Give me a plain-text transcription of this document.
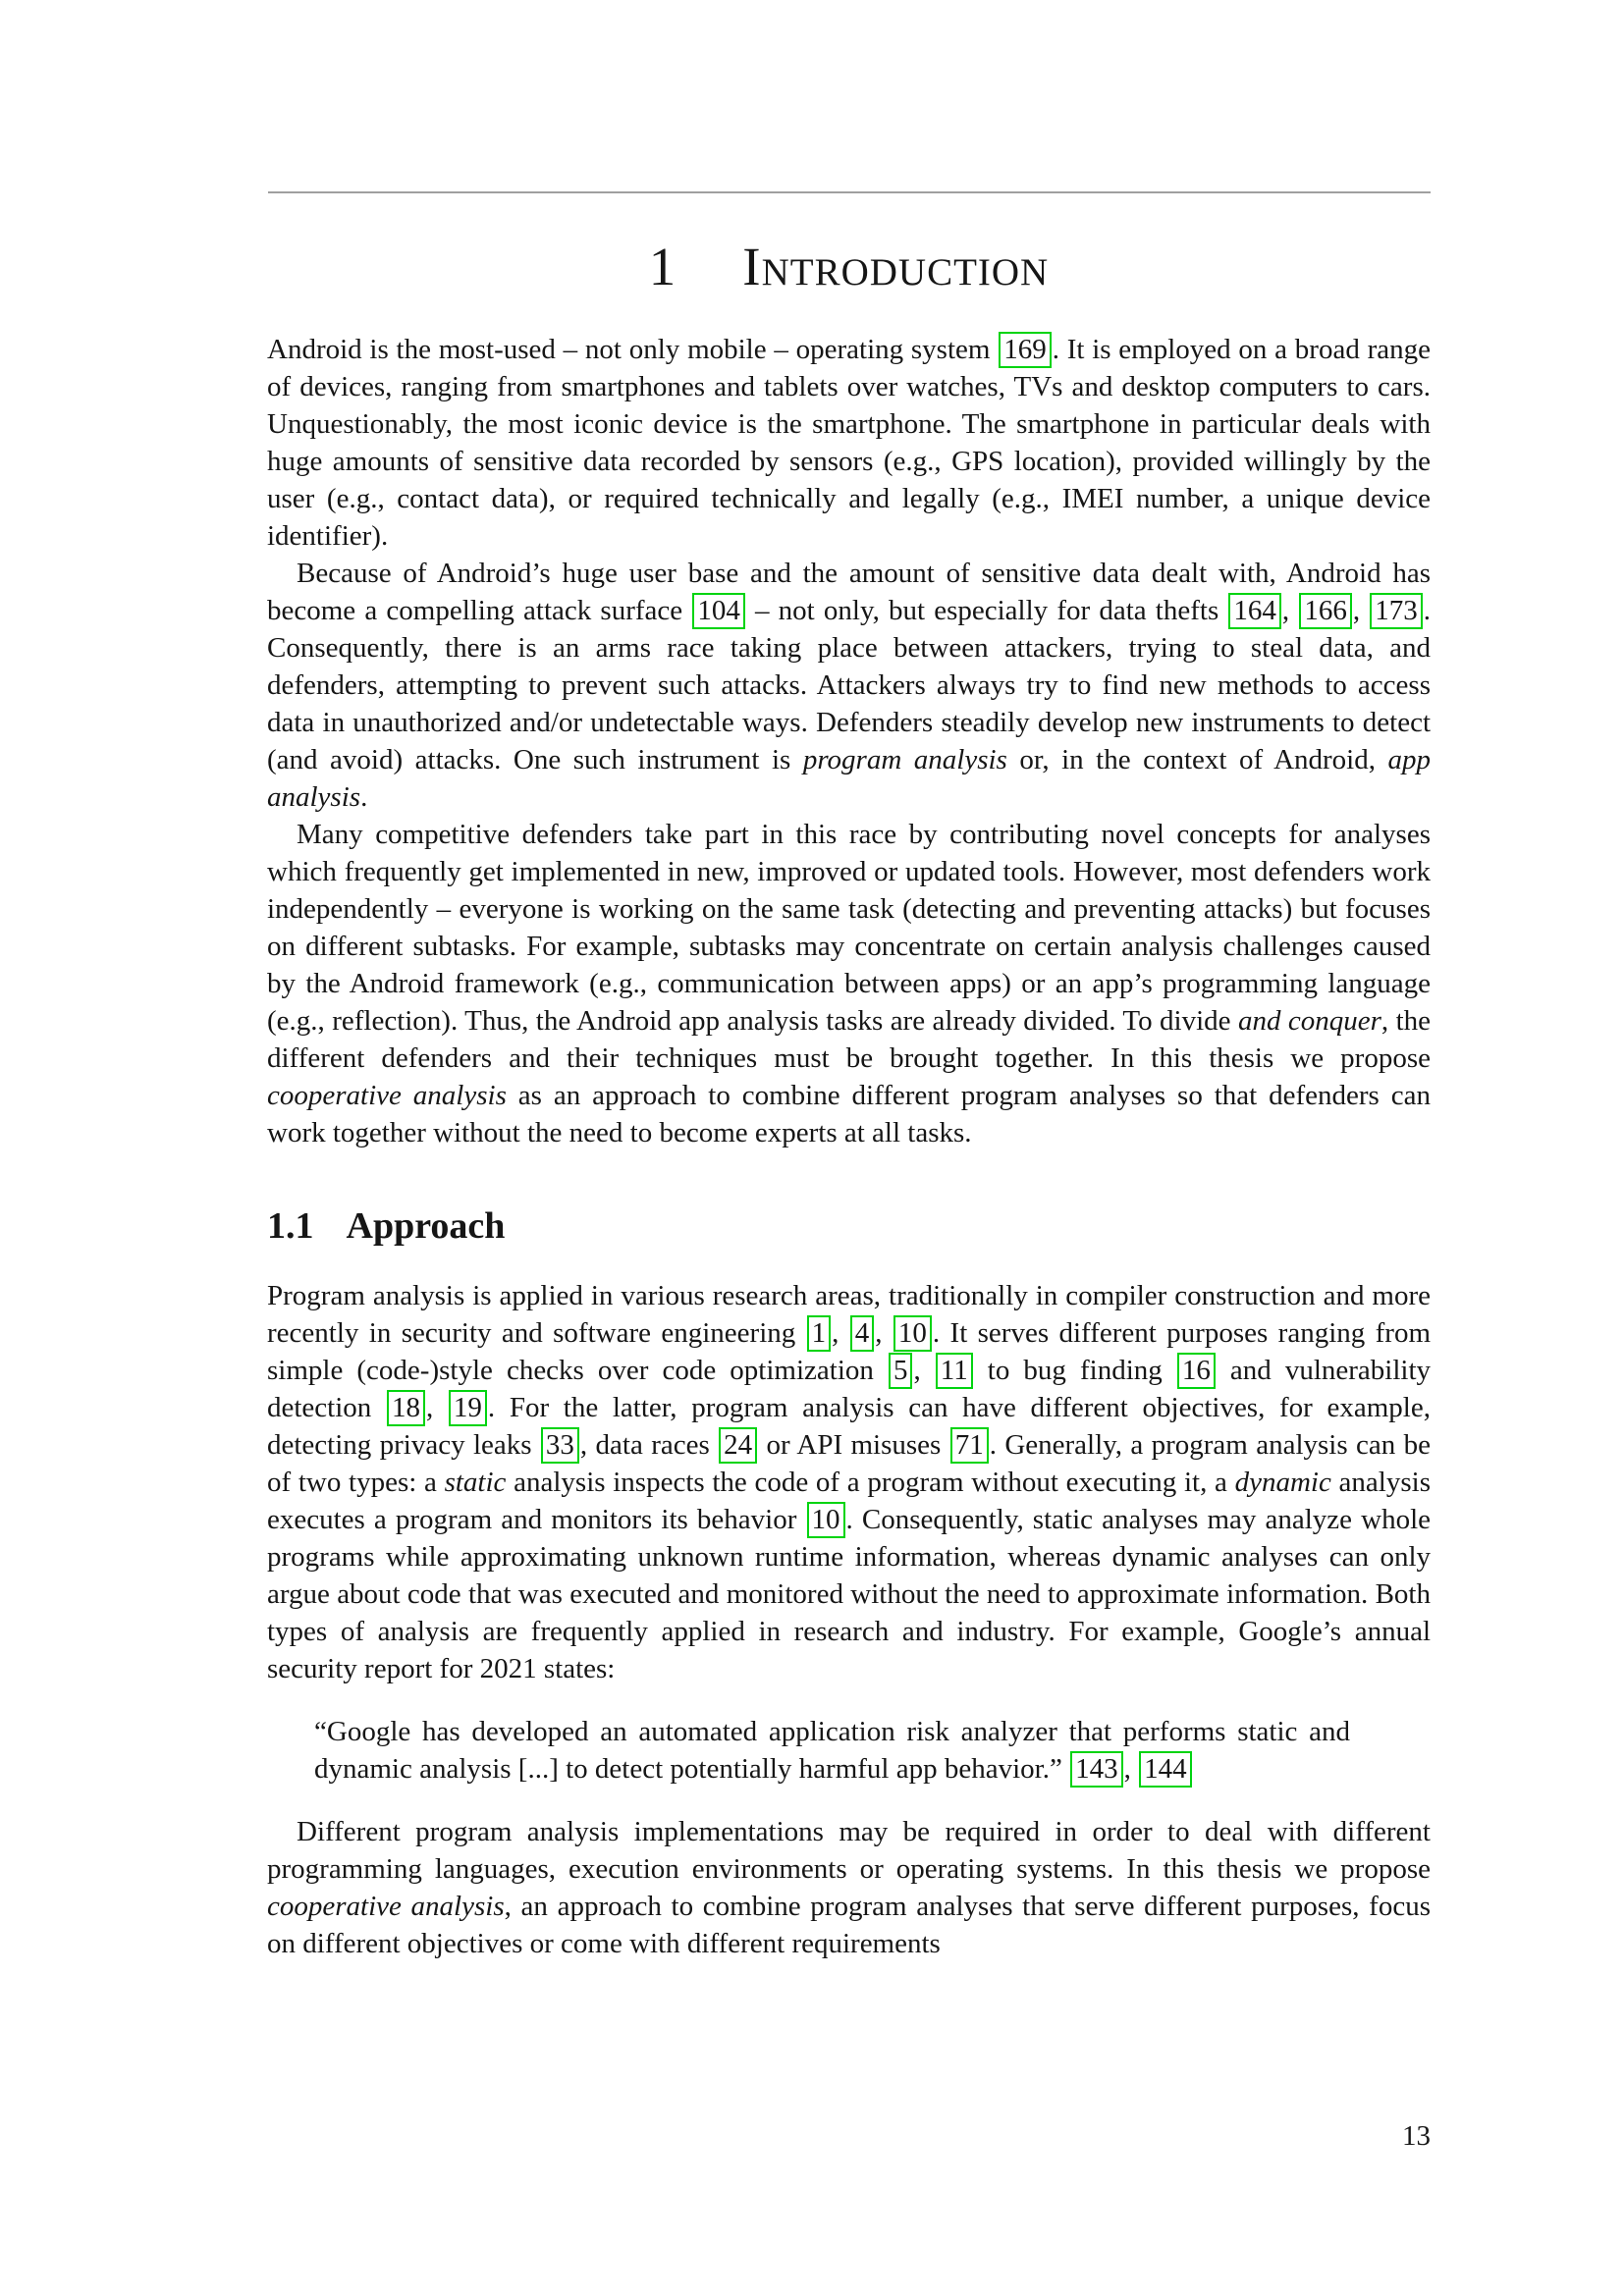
1 Introduction

Android is the most-used – not only mobile – operating system 169 . It is employed on a broad range of devices, ranging from smartphones and tablets over watches, TVs and desktop computers to cars. Unquestionably, the most iconic device is the smartphone. The smartphone in particular deals with huge amounts of sensitive data recorded by sensors (e.g., GPS location), provided willingly by the user (e.g., contact data), or required technically and legally (e.g., IMEI number, a unique device identifier).

Because of Android’s huge user base and the amount of sensitive data dealt with, Android has become a compelling attack surface 104 – not only, but especially for data thefts 164 , 166 , 173 . Consequently, there is an arms race taking place between attackers, trying to steal data, and defenders, attempting to prevent such attacks. Attackers always try to find new methods to access data in unauthorized and/or undetectable ways. Defenders steadily develop new instruments to detect (and avoid) attacks. One such instrument is program analysis or, in the context of Android, app analysis.

Many competitive defenders take part in this race by contributing novel concepts for analyses which frequently get implemented in new, improved or updated tools. However, most defenders work independently – everyone is working on the same task (detecting and preventing attacks) but focuses on different subtasks. For example, subtasks may concentrate on certain analysis challenges caused by the Android framework (e.g., communication between apps) or an app’s programming language (e.g., reflection). Thus, the Android app analysis tasks are already divided. To divide and conquer, the different defenders and their techniques must be brought together. In this thesis we propose cooperative analysis as an approach to combine different program analyses so that defenders can work together without the need to become experts at all tasks.

1.1 Approach

Program analysis is applied in various research areas, traditionally in compiler construction and more recently in security and software engineering 1 , 4 , 10 . It serves different purposes ranging from simple (code-)style checks over code optimization 5 , 11 to bug finding 16 and vulnerability detection 18 , 19 . For the latter, program analysis can have different objectives, for example, detecting privacy leaks 33 , data races 24 or API misuses 71 . Generally, a program analysis can be of two types: a static analysis inspects the code of a program without executing it, a dynamic analysis executes a program and monitors its behavior 10 . Consequently, static analyses may analyze whole programs while approximating unknown runtime information, whereas dynamic analyses can only argue about code that was executed and monitored without the need to approximate information. Both types of analysis are frequently applied in research and industry. For example, Google’s annual security report for 2021 states:

“Google has developed an automated application risk analyzer that performs static and dynamic analysis [...] to detect potentially harmful app behavior.” 143 , 144

Different program analysis implementations may be required in order to deal with different programming languages, execution environments or operating systems. In this thesis we propose cooperative analysis, an approach to combine program analyses that serve different purposes, focus on different objectives or come with different requirements

13
